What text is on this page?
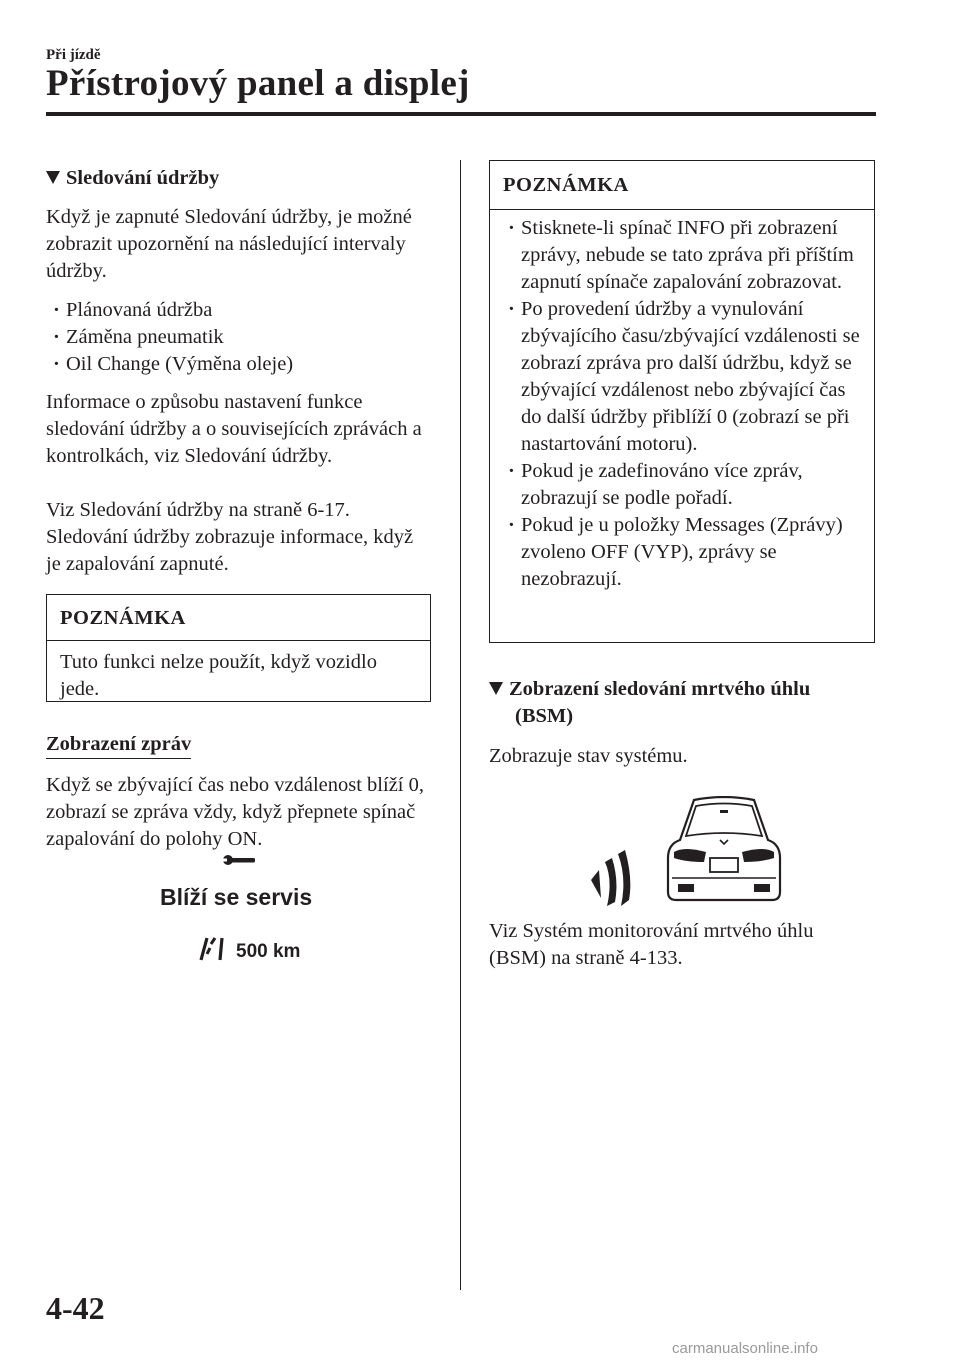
Při jízdě
Přístrojový panel a displej
Sledování údržby
Když je zapnuté Sledování údržby, je možné zobrazit upozornění na následující intervaly údržby.
· Plánovaná údržba
· Záměna pneumatik
· Oil Change (Výměna oleje)
Informace o způsobu nastavení funkce sledování údržby a o souvisejících zprávách a kontrolkách, viz Sledování údržby.
Viz Sledování údržby na straně 6-17.
Sledování údržby zobrazuje informace, když je zapalování zapnuté.
POZNÁMKA
Tuto funkci nelze použít, když vozidlo jede.
Zobrazení zpráv
Když se zbývající čas nebo vzdálenost blíží 0, zobrazí se zpráva vždy, když přepnete spínač zapalování do polohy ON.
Blíží se servis
500 km
POZNÁMKA
· Stisknete-li spínač INFO při zobrazení zprávy, nebude se tato zpráva při příštím zapnutí spínače zapalování zobrazovat.
· Po provedení údržby a vynulování zbývajícího času/zbývající vzdálenosti se zobrazí zpráva pro další údržbu, když se zbývající vzdálenost nebo zbývající čas do další údržby přiblíží 0 (zobrazí se při nastartování motoru).
· Pokud je zadefinováno více zpráv, zobrazují se podle pořadí.
· Pokud je u položky Messages (Zprávy) zvoleno OFF (VYP), zprávy se nezobrazují.
Zobrazení sledování mrtvého úhlu (BSM)
Zobrazuje stav systému.
Viz Systém monitorování mrtvého úhlu (BSM) na straně 4-133.
4-42
carmanualsonline.info
